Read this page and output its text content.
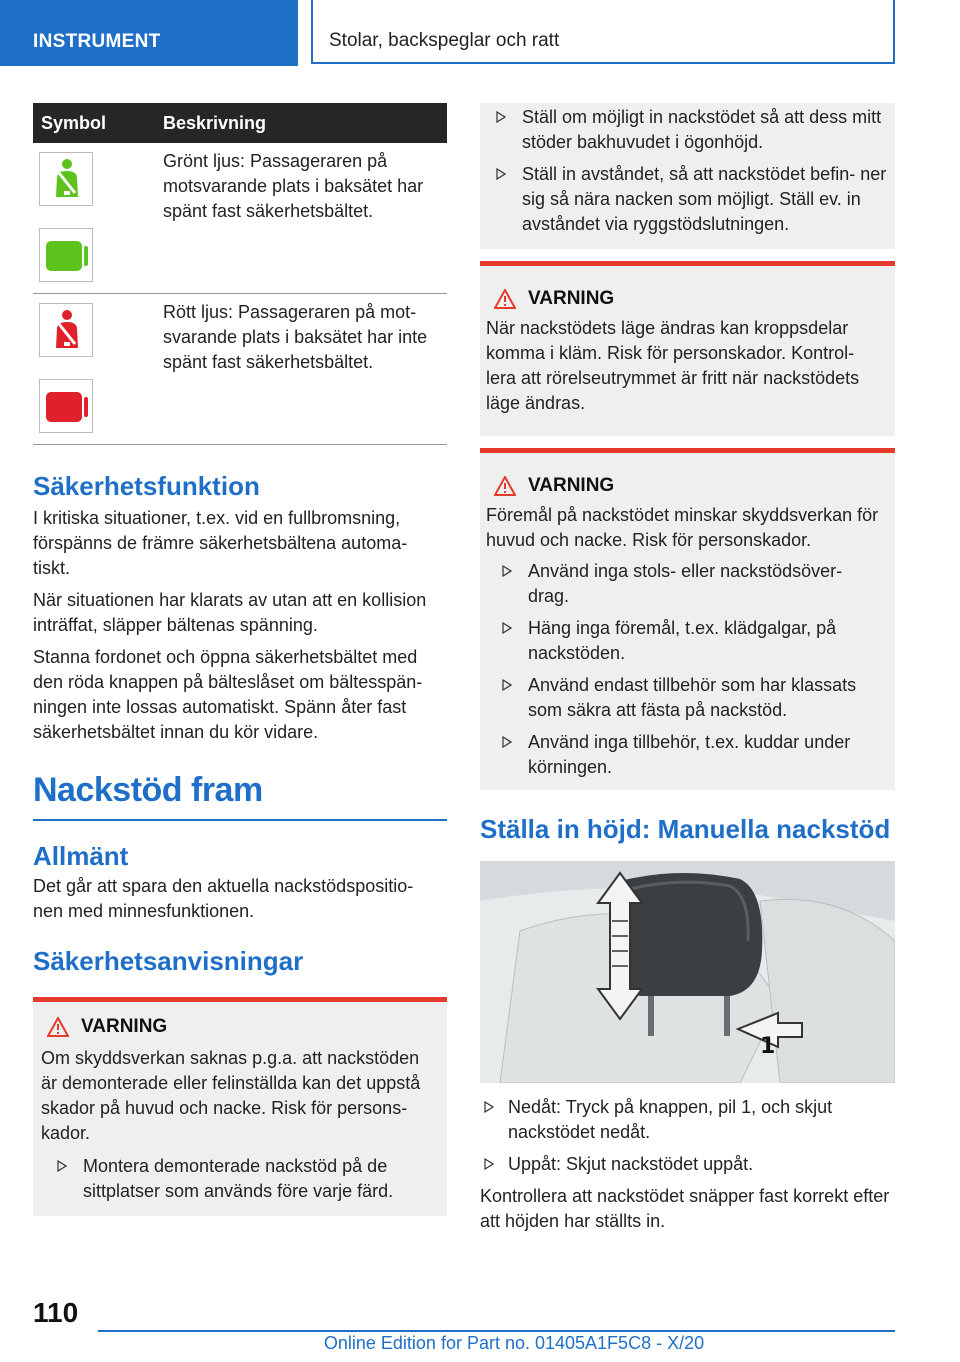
INSTRUMENT	Stolar, backspeglar och ratt
Symbol	Beskrivning

	Grönt ljus: Passageraren på motsvarande plats i baksätet har spänt fast säkerhetsbältet.

	Rött ljus: Passageraren på mot- svarande plats i baksätet har inte spänt fast säkerhetsbältet.
Säkerhetsfunktion

I kritiska situationer, t.ex. vid en fullbromsning, förspänns de främre säkerhetsbältena automa- tiskt.

När situationen har klarats av utan att en kollision inträffat, släpper bältenas spänning.

Stanna fordonet och öppna säkerhetsbältet med den röda knappen på bälteslåset om bältesspän- ningen inte lossas automatiskt. Spänn åter fast säkerhetsbältet innan du kör vidare.

Nackstöd fram
Allmänt

Det går att spara den aktuella nackstödspositio- nen med minnesfunktionen.

Säkerhetsanvisningar
VARNING

Om skyddsverkan saknas p.g.a. att nackstöden är demonterade eller felinställda kan det uppstå skador på huvud och nacke. Risk för persons- kador.

Montera demonterade nackstöd på de sittplatser som används före varje färd.
Ställ om möjligt in nackstödet så att dess mitt stöder bakhuvudet i ögonhöjd.
Ställ in avståndet, så att nackstödet befin- ner sig så nära nacken som möjligt. Ställ ev. in avståndet via ryggstödslutningen.
VARNING

När nackstödets läge ändras kan kroppsdelar komma i kläm. Risk för personskador. Kontrol- lera att rörelseutrymmet är fritt när nackstödets läge ändras.

VARNING

Föremål på nackstödet minskar skyddsverkan för huvud och nacke. Risk för personskador.

Använd inga stols- eller nackstödsöver- drag.
Häng inga föremål, t.ex. klädgalgar, på nackstöden.
Använd endast tillbehör som har klassats som säkra att fästa på nackstöd.
Använd inga tillbehör, t.ex. kuddar under körningen.
Ställa in höjd: Manuella nackstöd
1
Nedåt: Tryck på knappen, pil 1, och skjut nackstödet nedåt.
Uppåt: Skjut nackstödet uppåt.

Kontrollera att nackstödet snäpper fast korrekt efter att höjden har ställts in.

110
Online Edition for Part no. 01405A1F5C8 - X/20
